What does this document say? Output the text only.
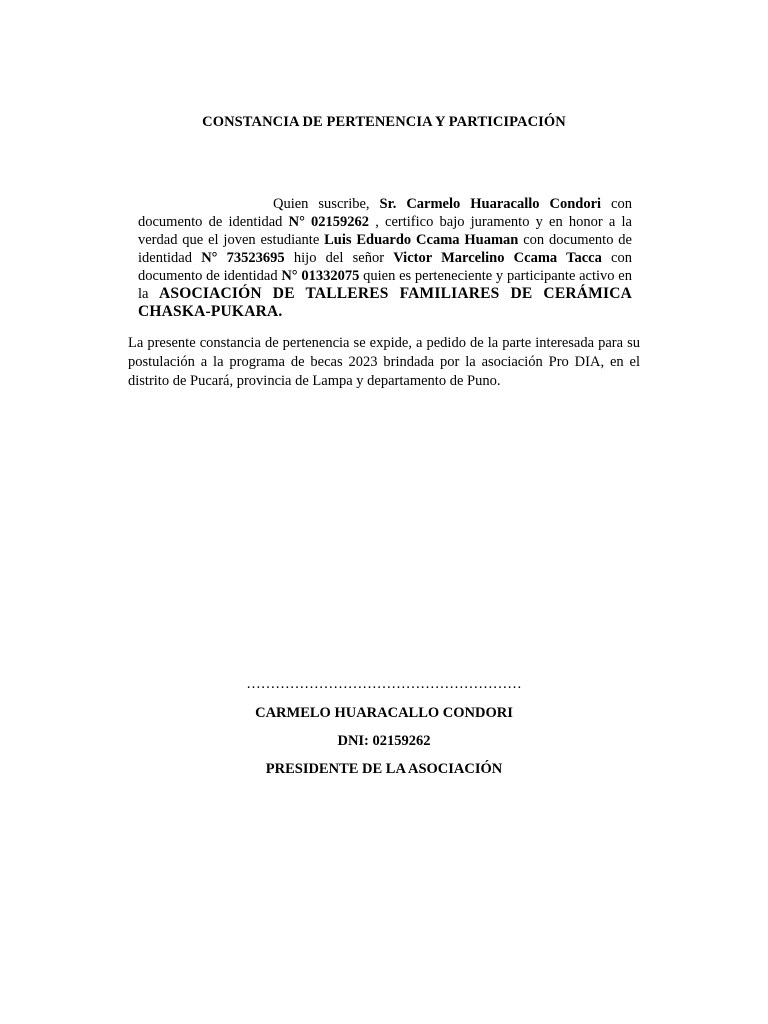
CONSTANCIA DE PERTENENCIA Y PARTICIPACIÓN
Quien suscribe, Sr. Carmelo Huaracallo Condori con documento de identidad N° 02159262 , certifico bajo juramento y en honor a la verdad que el joven estudiante Luis Eduardo Ccama Huaman con documento de identidad N° 73523695 hijo del señor Victor Marcelino Ccama Tacca con documento de identidad N° 01332075 quien es perteneciente y participante activo en la ASOCIACIÓN DE TALLERES FAMILIARES DE CERÁMICA CHASKA-PUKARA.
La presente constancia de pertenencia se expide, a pedido de la parte interesada para su postulación a la programa de becas 2023 brindada por la asociación Pro DIA, en el distrito de Pucará, provincia de Lampa y departamento de Puno.
…………………………………………………
CARMELO HUARACALLO CONDORI
DNI: 02159262
PRESIDENTE DE LA ASOCIACIÓN
